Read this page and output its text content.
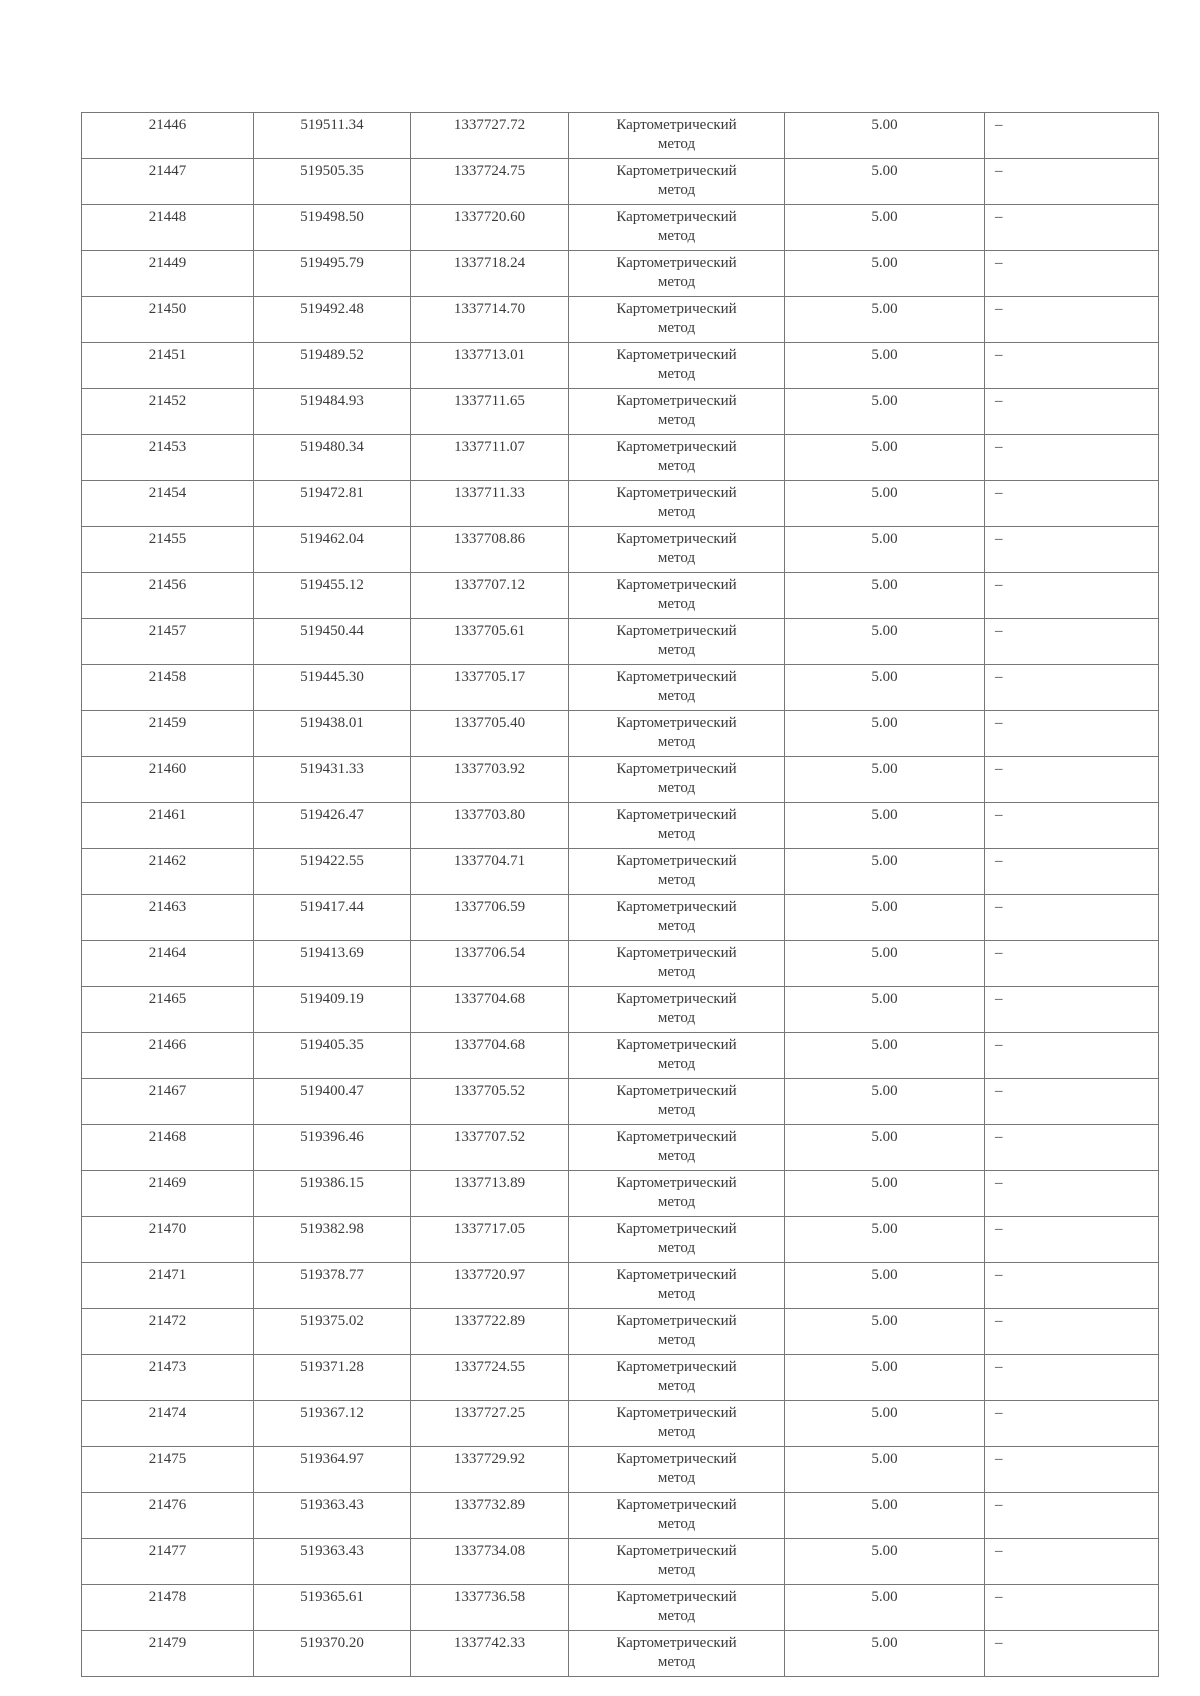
21446	519511.34	1337727.72	Картометрический
метод	5.00	–
21447	519505.35	1337724.75	Картометрический
метод	5.00	–
21448	519498.50	1337720.60	Картометрический
метод	5.00	–
21449	519495.79	1337718.24	Картометрический
метод	5.00	–
21450	519492.48	1337714.70	Картометрический
метод	5.00	–
21451	519489.52	1337713.01	Картометрический
метод	5.00	–
21452	519484.93	1337711.65	Картометрический
метод	5.00	–
21453	519480.34	1337711.07	Картометрический
метод	5.00	–
21454	519472.81	1337711.33	Картометрический
метод	5.00	–
21455	519462.04	1337708.86	Картометрический
метод	5.00	–
21456	519455.12	1337707.12	Картометрический
метод	5.00	–
21457	519450.44	1337705.61	Картометрический
метод	5.00	–
21458	519445.30	1337705.17	Картометрический
метод	5.00	–
21459	519438.01	1337705.40	Картометрический
метод	5.00	–
21460	519431.33	1337703.92	Картометрический
метод	5.00	–
21461	519426.47	1337703.80	Картометрический
метод	5.00	–
21462	519422.55	1337704.71	Картометрический
метод	5.00	–
21463	519417.44	1337706.59	Картометрический
метод	5.00	–
21464	519413.69	1337706.54	Картометрический
метод	5.00	–
21465	519409.19	1337704.68	Картометрический
метод	5.00	–
21466	519405.35	1337704.68	Картометрический
метод	5.00	–
21467	519400.47	1337705.52	Картометрический
метод	5.00	–
21468	519396.46	1337707.52	Картометрический
метод	5.00	–
21469	519386.15	1337713.89	Картометрический
метод	5.00	–
21470	519382.98	1337717.05	Картометрический
метод	5.00	–
21471	519378.77	1337720.97	Картометрический
метод	5.00	–
21472	519375.02	1337722.89	Картометрический
метод	5.00	–
21473	519371.28	1337724.55	Картометрический
метод	5.00	–
21474	519367.12	1337727.25	Картометрический
метод	5.00	–
21475	519364.97	1337729.92	Картометрический
метод	5.00	–
21476	519363.43	1337732.89	Картометрический
метод	5.00	–
21477	519363.43	1337734.08	Картометрический
метод	5.00	–
21478	519365.61	1337736.58	Картометрический
метод	5.00	–
21479	519370.20	1337742.33	Картометрический
метод	5.00	–
